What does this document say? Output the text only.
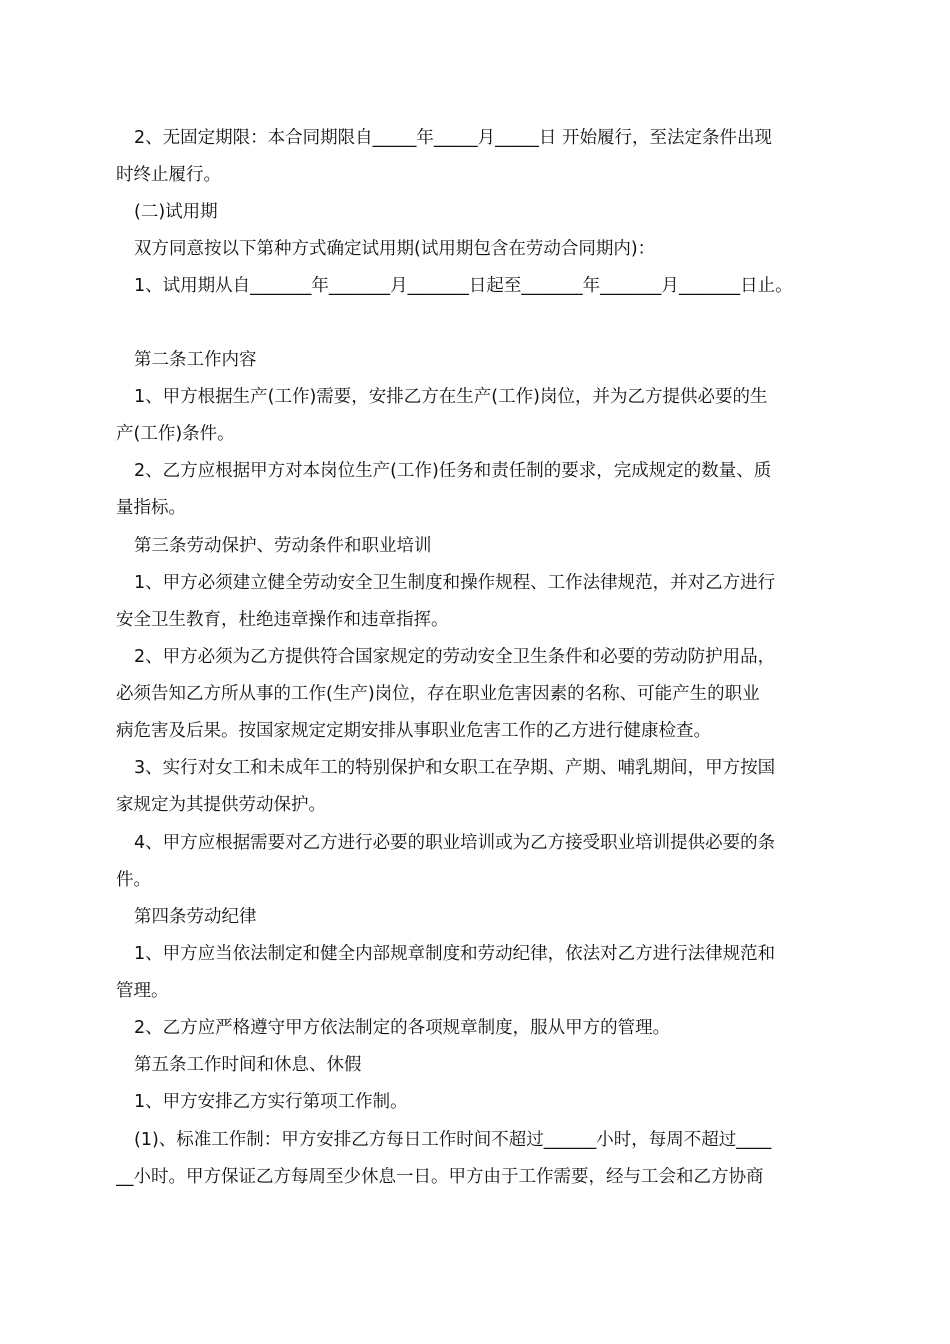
2、无固定期限：本合同期限自_____年_____月_____日 开始履行，至法定条件出现
时终止履行。
(二)试用期
双方同意按以下第种方式确定试用期(试用期包含在劳动合同期内)：
1、试用期从自_______年_______月_______日起至_______年_______月_______日止。
第二条工作内容
1、甲方根据生产(工作)需要，安排乙方在生产(工作)岗位，并为乙方提供必要的生
产(工作)条件。
2、乙方应根据甲方对本岗位生产(工作)任务和责任制的要求，完成规定的数量、质
量指标。
第三条劳动保护、劳动条件和职业培训
1、甲方必须建立健全劳动安全卫生制度和操作规程、工作法律规范，并对乙方进行
安全卫生教育，杜绝违章操作和违章指挥。
2、甲方必须为乙方提供符合国家规定的劳动安全卫生条件和必要的劳动防护用品，
必须告知乙方所从事的工作(生产)岗位，存在职业危害因素的名称、可能产生的职业
病危害及后果。按国家规定定期安排从事职业危害工作的乙方进行健康检查。
3、实行对女工和未成年工的特别保护和女职工在孕期、产期、哺乳期间，甲方按国
家规定为其提供劳动保护。
4、甲方应根据需要对乙方进行必要的职业培训或为乙方接受职业培训提供必要的条
件。
第四条劳动纪律
1、甲方应当依法制定和健全内部规章制度和劳动纪律，依法对乙方进行法律规范和
管理。
2、乙方应严格遵守甲方依法制定的各项规章制度，服从甲方的管理。
第五条工作时间和休息、休假
1、甲方安排乙方实行第项工作制。
(1)、标准工作制：甲方安排乙方每日工作时间不超过______小时，每周不超过____
__小时。甲方保证乙方每周至少休息一日。甲方由于工作需要，经与工会和乙方协商
